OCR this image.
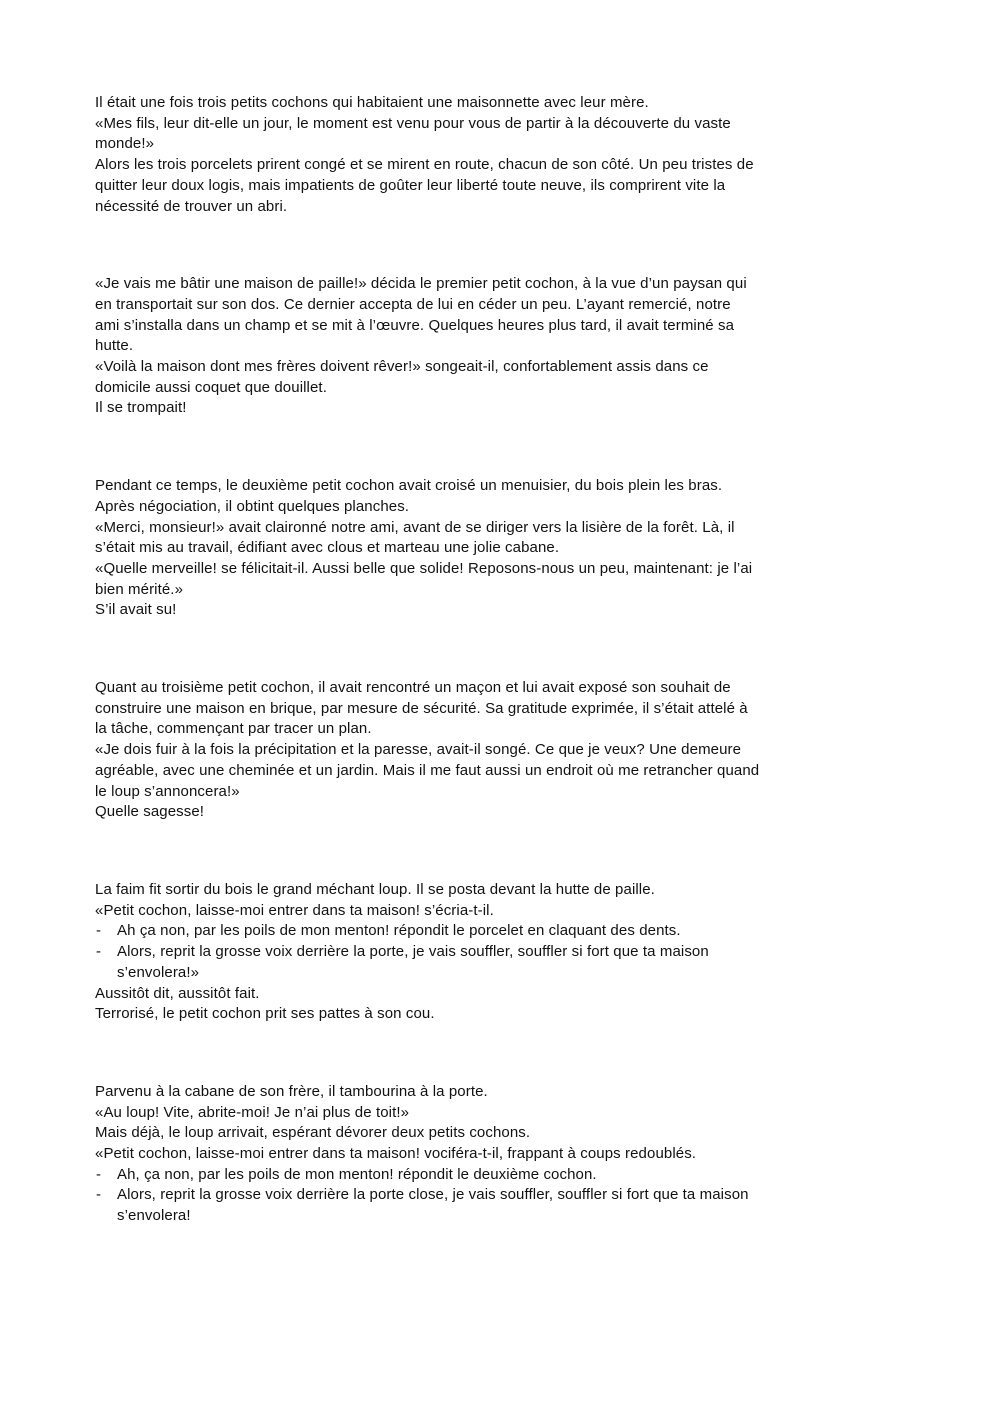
Il était une fois trois petits cochons qui habitaient une maisonnette avec leur mère.
«Mes fils, leur dit-elle un jour, le moment est venu pour vous de partir à la découverte du vaste
monde!»
Alors les trois porcelets prirent congé et se mirent en route, chacun de son côté. Un peu tristes de
quitter leur doux logis, mais impatients de goûter leur liberté toute neuve, ils comprirent vite la
nécessité de trouver un abri.
«Je vais me bâtir une maison de paille!» décida le premier petit cochon, à la vue d’un paysan qui
en transportait sur son dos. Ce dernier accepta de lui en céder un peu. L’ayant remercié, notre
ami s’installa dans un champ et se mit à l’œuvre. Quelques heures plus tard, il avait terminé sa
hutte.
«Voilà la maison dont mes frères doivent rêver!» songeait-il, confortablement assis dans ce
domicile aussi coquet que douillet.
Il se trompait!
Pendant ce temps, le deuxième petit cochon avait croisé un menuisier, du bois plein les bras.
Après négociation, il obtint quelques planches.
«Merci, monsieur!» avait claironné notre ami, avant de se diriger vers la lisière de la forêt. Là, il
s’était mis au travail, édifiant avec clous et marteau une jolie cabane.
«Quelle merveille! se félicitait-il. Aussi belle que solide! Reposons-nous un peu, maintenant: je l’ai
bien mérité.»
S’il avait su!
Quant au troisième petit cochon, il avait rencontré un maçon et lui avait exposé son souhait de
construire une maison en brique, par mesure de sécurité. Sa gratitude exprimée, il s’était attelé à
la tâche, commençant par tracer un plan.
«Je dois fuir à la fois la précipitation et la paresse, avait-il songé. Ce que je veux? Une demeure
agréable, avec une cheminée et un jardin. Mais il me faut aussi un endroit où me retrancher quand
le loup s’annoncera!»
Quelle sagesse!
La faim fit sortir du bois le grand méchant loup. Il se posta devant la hutte de paille.
«Petit cochon, laisse-moi entrer dans ta maison! s’écria-t-il.
- Ah ça non, par les poils de mon menton! répondit le porcelet en claquant des dents.
- Alors, reprit la grosse voix derrière la porte, je vais souffler, souffler si fort que ta maison
s’envolera!»
Aussitôt dit, aussitôt fait.
Terrorisé, le petit cochon prit ses pattes à son cou.
Parvenu à la cabane de son frère, il tambourina à la porte.
«Au loup! Vite, abrite-moi! Je n’ai plus de toit!»
Mais déjà, le loup arrivait, espérant dévorer deux petits cochons.
«Petit cochon, laisse-moi entrer dans ta maison! vociféra-t-il, frappant à coups redoublés.
- Ah, ça non, par les poils de mon menton! répondit le deuxième cochon.
- Alors, reprit la grosse voix derrière la porte close, je vais souffler, souffler si fort que ta maison
s’envolera!
